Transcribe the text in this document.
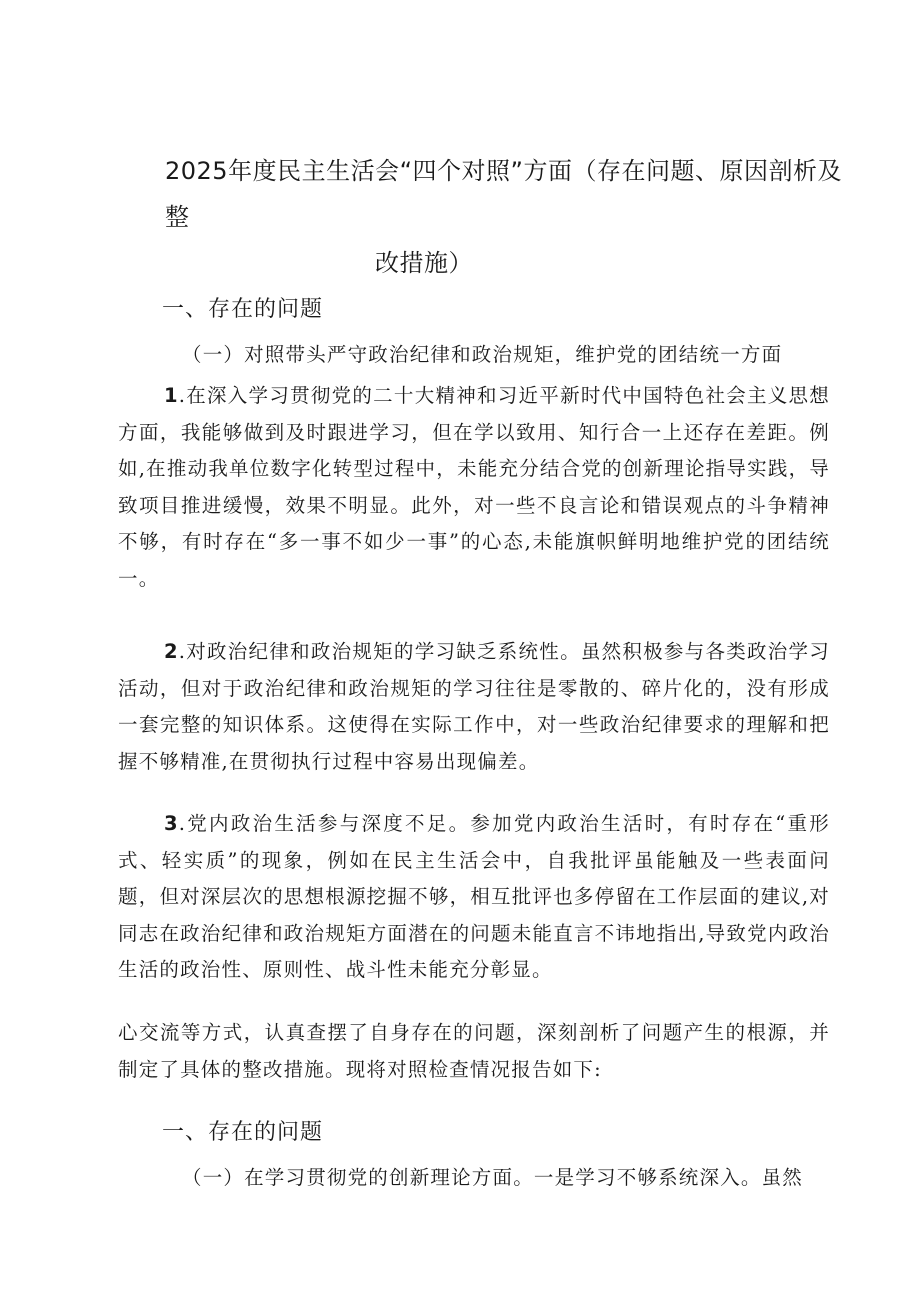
2025年度民主生活会“四个对照”方面（存在问题、原因剖析及整
改措施）
一、存在的问题

（一）对照带头严守政治纪律和政治规矩，维护党的团结统一方面

1.在深入学习贯彻党的二十大精神和习近平新时代中国特色社会主义思想方面，我能够做到及时跟进学习，但在学以致用、知行合一上还存在差距。例如,在推动我单位数字化转型过程中，未能充分结合党的创新理论指导实践，导致项目推进缓慢，效果不明显。此外，对一些不良言论和错误观点的斗争精神不够，有时存在“多一事不如少一事”的心态,未能旗帜鲜明地维护党的团结统一。

2.对政治纪律和政治规矩的学习缺乏系统性。虽然积极参与各类政治学习活动，但对于政治纪律和政治规矩的学习往往是零散的、碎片化的，没有形成一套完整的知识体系。这使得在实际工作中，对一些政治纪律要求的理解和把握不够精准,在贯彻执行过程中容易出现偏差。

3.党内政治生活参与深度不足。参加党内政治生活时，有时存在“重形式、轻实质”的现象，例如在民主生活会中，自我批评虽能触及一些表面问题，但对深层次的思想根源挖掘不够，相互批评也多停留在工作层面的建议,对同志在政治纪律和政治规矩方面潜在的问题未能直言不讳地指出,导致党内政治生活的政治性、原则性、战斗性未能充分彰显。

心交流等方式，认真查摆了自身存在的问题，深刻剖析了问题产生的根源，并制定了具体的整改措施。现将对照检查情况报告如下:

一、存在的问题

（一）在学习贯彻党的创新理论方面。一是学习不够系统深入。虽然
